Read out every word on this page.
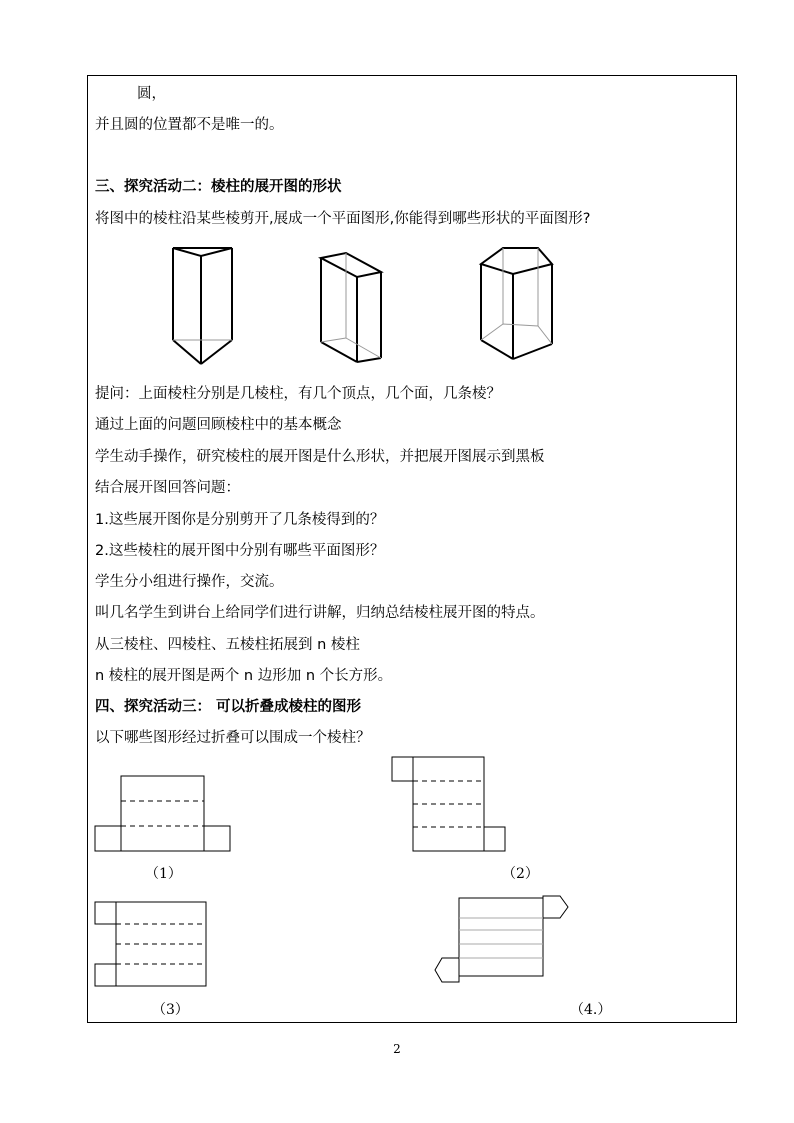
圆，
并且圆的位置都不是唯一的。
三、探究活动二：棱柱的展开图的形状
将图中的棱柱沿某些棱剪开,展成一个平面图形,你能得到哪些形状的平面图形?
提问：上面棱柱分别是几棱柱，有几个顶点，几个面，几条棱？
通过上面的问题回顾棱柱中的基本概念
学生动手操作，研究棱柱的展开图是什么形状，并把展开图展示到黑板
结合展开图回答问题：
1.这些展开图你是分别剪开了几条棱得到的？
2.这些棱柱的展开图中分别有哪些平面图形？
学生分小组进行操作，交流。
叫几名学生到讲台上给同学们进行讲解，归纳总结棱柱展开图的特点。
从三棱柱、四棱柱、五棱柱拓展到 n 棱柱
n 棱柱的展开图是两个 n 边形加 n 个长方形。
四、探究活动三： 可以折叠成棱柱的图形
以下哪些图形经过折叠可以围成一个棱柱？
（1）	（2）
（3）	（4.）
2
